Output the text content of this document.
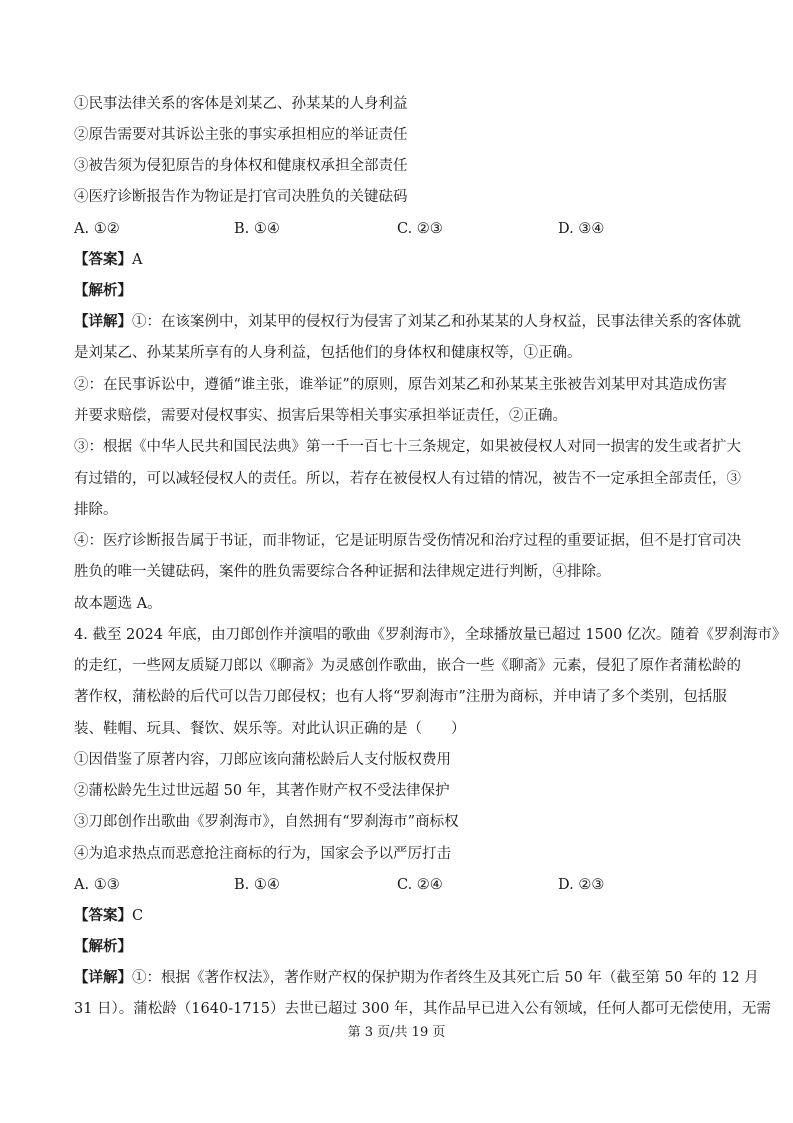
①民事法律关系的客体是刘某乙、孙某某的人身利益
②原告需要对其诉讼主张的事实承担相应的举证责任
③被告须为侵犯原告的身体权和健康权承担全部责任
④医疗诊断报告作为物证是打官司决胜负的关键砝码
A. ①②	B. ①④	C. ②③	D. ③④
【答案】A
【解析】
【详解】①：在该案例中，刘某甲的侵权行为侵害了刘某乙和孙某某的人身权益，民事法律关系的客体就
是刘某乙、孙某某所享有的人身利益，包括他们的身体权和健康权等，①正确。
②：在民事诉讼中，遵循“谁主张，谁举证”的原则，原告刘某乙和孙某某主张被告刘某甲对其造成伤害
并要求赔偿，需要对侵权事实、损害后果等相关事实承担举证责任，②正确。
③：根据《中华人民共和国民法典》第一千一百七十三条规定，如果被侵权人对同一损害的发生或者扩大
有过错的，可以减轻侵权人的责任。所以，若存在被侵权人有过错的情况，被告不一定承担全部责任，③
排除。
④：医疗诊断报告属于书证，而非物证，它是证明原告受伤情况和治疗过程的重要证据，但不是打官司决
胜负的唯一关键砝码，案件的胜负需要综合各种证据和法律规定进行判断，④排除。
故本题选 A。
4. 截至 2024 年底，由刀郎创作并演唱的歌曲《罗刹海市》，全球播放量已超过 1500 亿次。随着《罗刹海市》
的走红，一些网友质疑刀郎以《聊斋》为灵感创作歌曲，嵌合一些《聊斋》元素，侵犯了原作者蒲松龄的
著作权，蒲松龄的后代可以告刀郎侵权；也有人将“罗刹海市”注册为商标，并申请了多个类别，包括服
装、鞋帽、玩具、餐饮、娱乐等。对此认识正确的是（　　）
①因借鉴了原著内容，刀郎应该向蒲松龄后人支付版权费用
②蒲松龄先生过世远超 50 年，其著作财产权不受法律保护
③刀郎创作出歌曲《罗刹海市》，自然拥有“罗刹海市”商标权
④为追求热点而恶意抢注商标的行为，国家会予以严厉打击
A. ①③	B. ①④	C. ②④	D. ②③
【答案】C
【解析】
【详解】①：根据《著作权法》，著作财产权的保护期为作者终生及其死亡后 50 年（截至第 50 年的 12 月
31 日）。蒲松龄（1640-1715）去世已超过 300 年，其作品早已进入公有领域，任何人都可无偿使用，无需
第 3 页/共 19 页
